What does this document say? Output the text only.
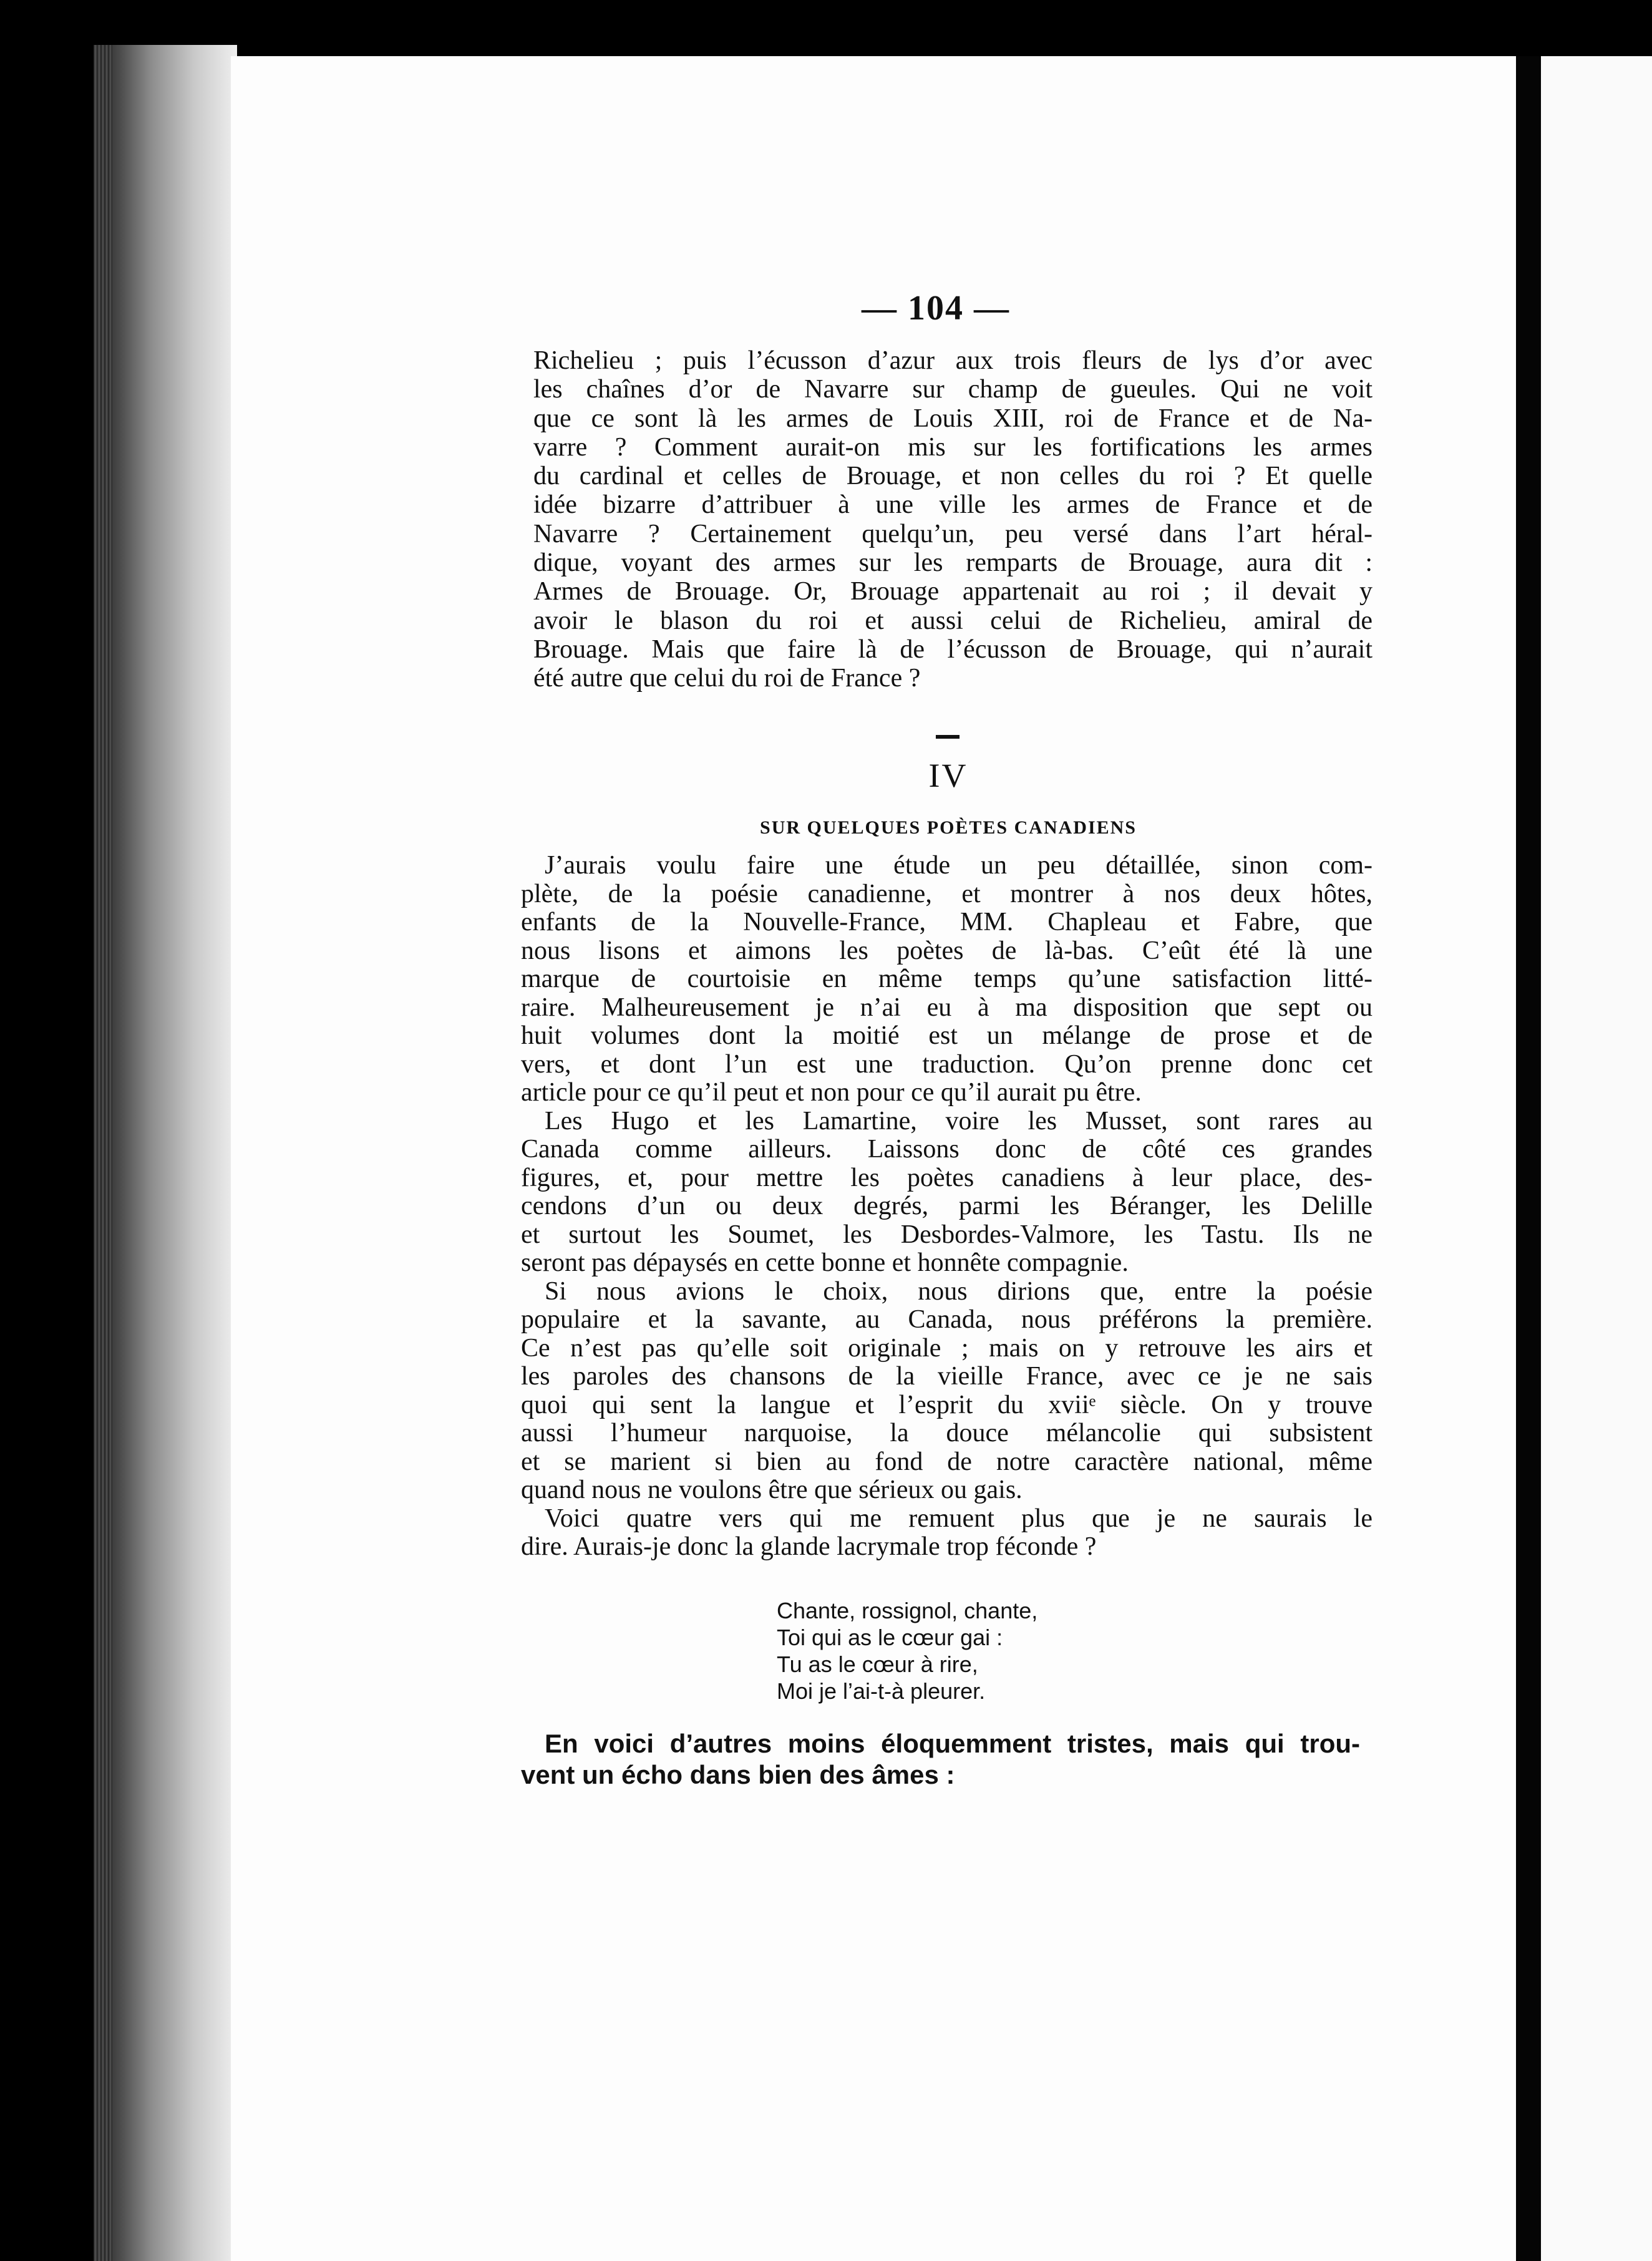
— 104 —

Richelieu ; puis l’écusson d’azur aux trois fleurs de lys d’or avec
les chaînes d’or de Navarre sur champ de gueules. Qui ne voit
que ce sont là les armes de Louis XIII, roi de France et de Na-
varre ? Comment aurait-on mis sur les fortifications les armes
du cardinal et celles de Brouage, et non celles du roi ? Et quelle
idée bizarre d’attribuer à une ville les armes de France et de
Navarre ? Certainement quelqu’un, peu versé dans l’art héral-
dique, voyant des armes sur les remparts de Brouage, aura dit :
Armes de Brouage. Or, Brouage appartenait au roi ; il devait y
avoir le blason du roi et aussi celui de Richelieu, amiral de
Brouage. Mais que faire là de l’écusson de Brouage, qui n’aurait
été autre que celui du roi de France ?

IV
SUR QUELQUES POÈTES CANADIENS

J’aurais voulu faire une étude un peu détaillée, sinon com-
plète, de la poésie canadienne, et montrer à nos deux hôtes,
enfants de la Nouvelle-France, MM. Chapleau et Fabre, que
nous lisons et aimons les poètes de là-bas. C’eût été là une
marque de courtoisie en même temps qu’une satisfaction litté-
raire. Malheureusement je n’ai eu à ma disposition que sept ou
huit volumes dont la moitié est un mélange de prose et de
vers, et dont l’un est une traduction. Qu’on prenne donc cet
article pour ce qu’il peut et non pour ce qu’il aurait pu être.

Les Hugo et les Lamartine, voire les Musset, sont rares au
Canada comme ailleurs. Laissons donc de côté ces grandes
figures, et, pour mettre les poètes canadiens à leur place, des-
cendons d’un ou deux degrés, parmi les Béranger, les Delille
et surtout les Soumet, les Desbordes-Valmore, les Tastu. Ils ne
seront pas dépaysés en cette bonne et honnête compagnie.

Si nous avions le choix, nous dirions que, entre la poésie
populaire et la savante, au Canada, nous préférons la première.
Ce n’est pas qu’elle soit originale ; mais on y retrouve les airs et
les paroles des chansons de la vieille France, avec ce je ne sais
quoi qui sent la langue et l’esprit du xviiᵉ siècle. On y trouve
aussi l’humeur narquoise, la douce mélancolie qui subsistent
et se marient si bien au fond de notre caractère national, même
quand nous ne voulons être que sérieux ou gais.

Voici quatre vers qui me remuent plus que je ne saurais le
dire. Aurais-je donc la glande lacrymale trop féconde ?

Chante, rossignol, chante,
Toi qui as le cœur gai :
Tu as le cœur à rire,
Moi je l’ai-t-à pleurer.

En voici d’autres moins éloquemment tristes, mais qui trou-
vent un écho dans bien des âmes :
